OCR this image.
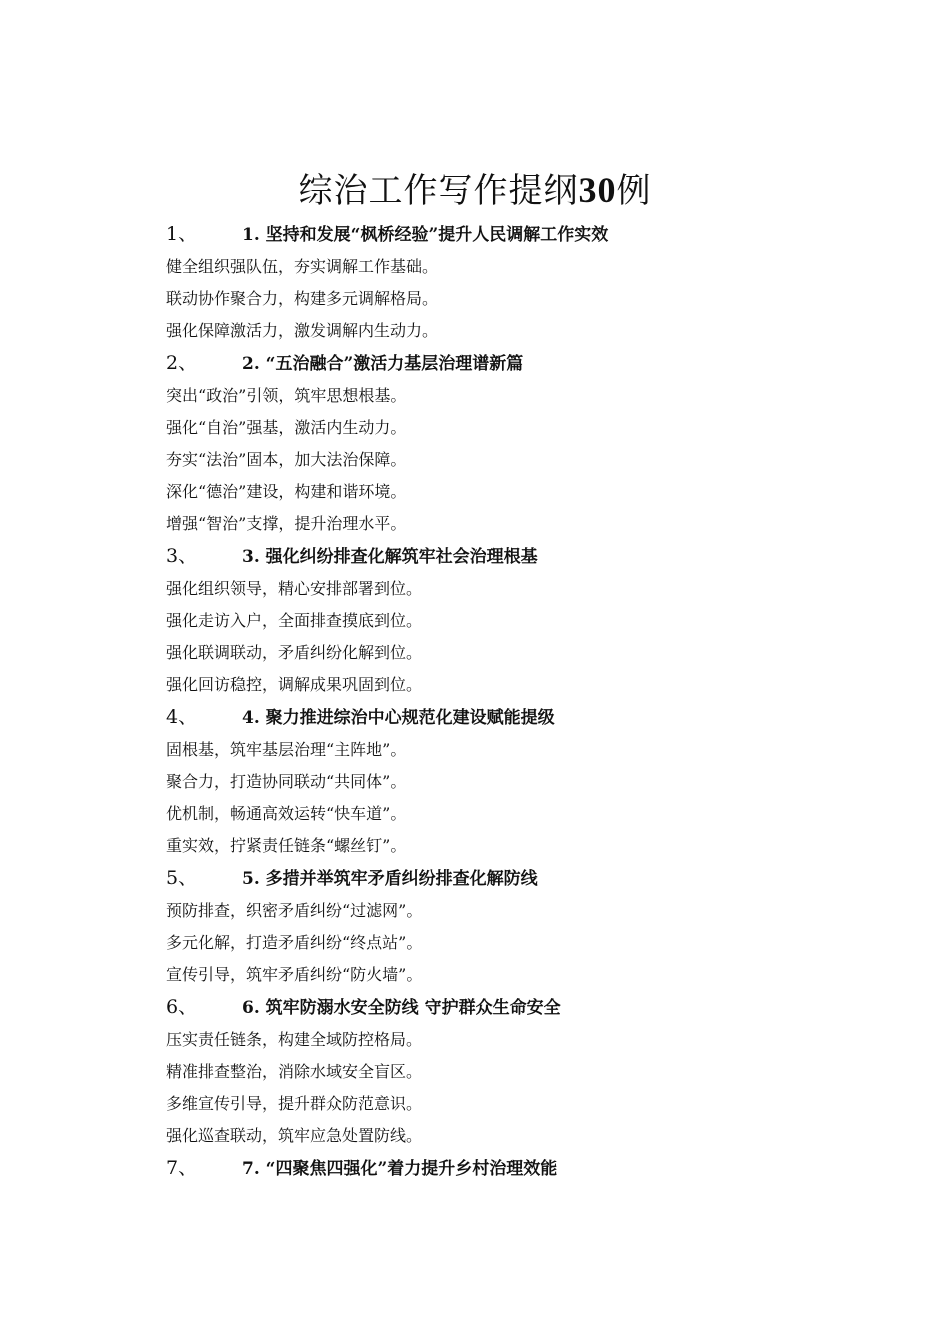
综治工作写作提纲30例
1、	1. 坚持和发展“枫桥经验”提升人民调解工作实效
健全组织强队伍，夯实调解工作基础。
联动协作聚合力，构建多元调解格局。
强化保障激活力，激发调解内生动力。
2、	2. “五治融合”激活力基层治理谱新篇
突出“政治”引领，筑牢思想根基。
强化“自治”强基，激活内生动力。
夯实“法治”固本，加大法治保障。
深化“德治”建设，构建和谐环境。
增强“智治”支撑，提升治理水平。
3、	3. 强化纠纷排查化解筑牢社会治理根基
强化组织领导，精心安排部署到位。
强化走访入户，全面排查摸底到位。
强化联调联动，矛盾纠纷化解到位。
强化回访稳控，调解成果巩固到位。
4、	4. 聚力推进综治中心规范化建设赋能提级
固根基，筑牢基层治理“主阵地”。
聚合力，打造协同联动“共同体”。
优机制，畅通高效运转“快车道”。
重实效，拧紧责任链条“螺丝钉”。
5、	5. 多措并举筑牢矛盾纠纷排查化解防线
预防排查，织密矛盾纠纷“过滤网”。
多元化解，打造矛盾纠纷“终点站”。
宣传引导，筑牢矛盾纠纷“防火墙”。
6、	6. 筑牢防溺水安全防线 守护群众生命安全
压实责任链条，构建全域防控格局。
精准排查整治，消除水域安全盲区。
多维宣传引导，提升群众防范意识。
强化巡查联动，筑牢应急处置防线。
7、	7. “四聚焦四强化”着力提升乡村治理效能
